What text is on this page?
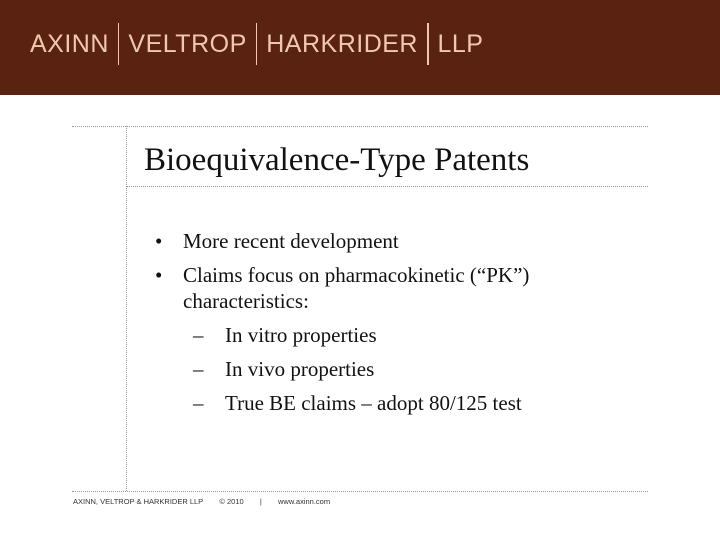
AXINN VELTROP HARKRIDER LLP
Bioequivalence-Type Patents
• More recent development
• Claims focus on pharmacokinetic (“PK”) characteristics:
–	In vitro properties
–	In vivo properties
–	True BE claims – adopt 80/125 test
AXINN, VELTROP & HARKRIDER LLP © 2010 | www.axinn.com
